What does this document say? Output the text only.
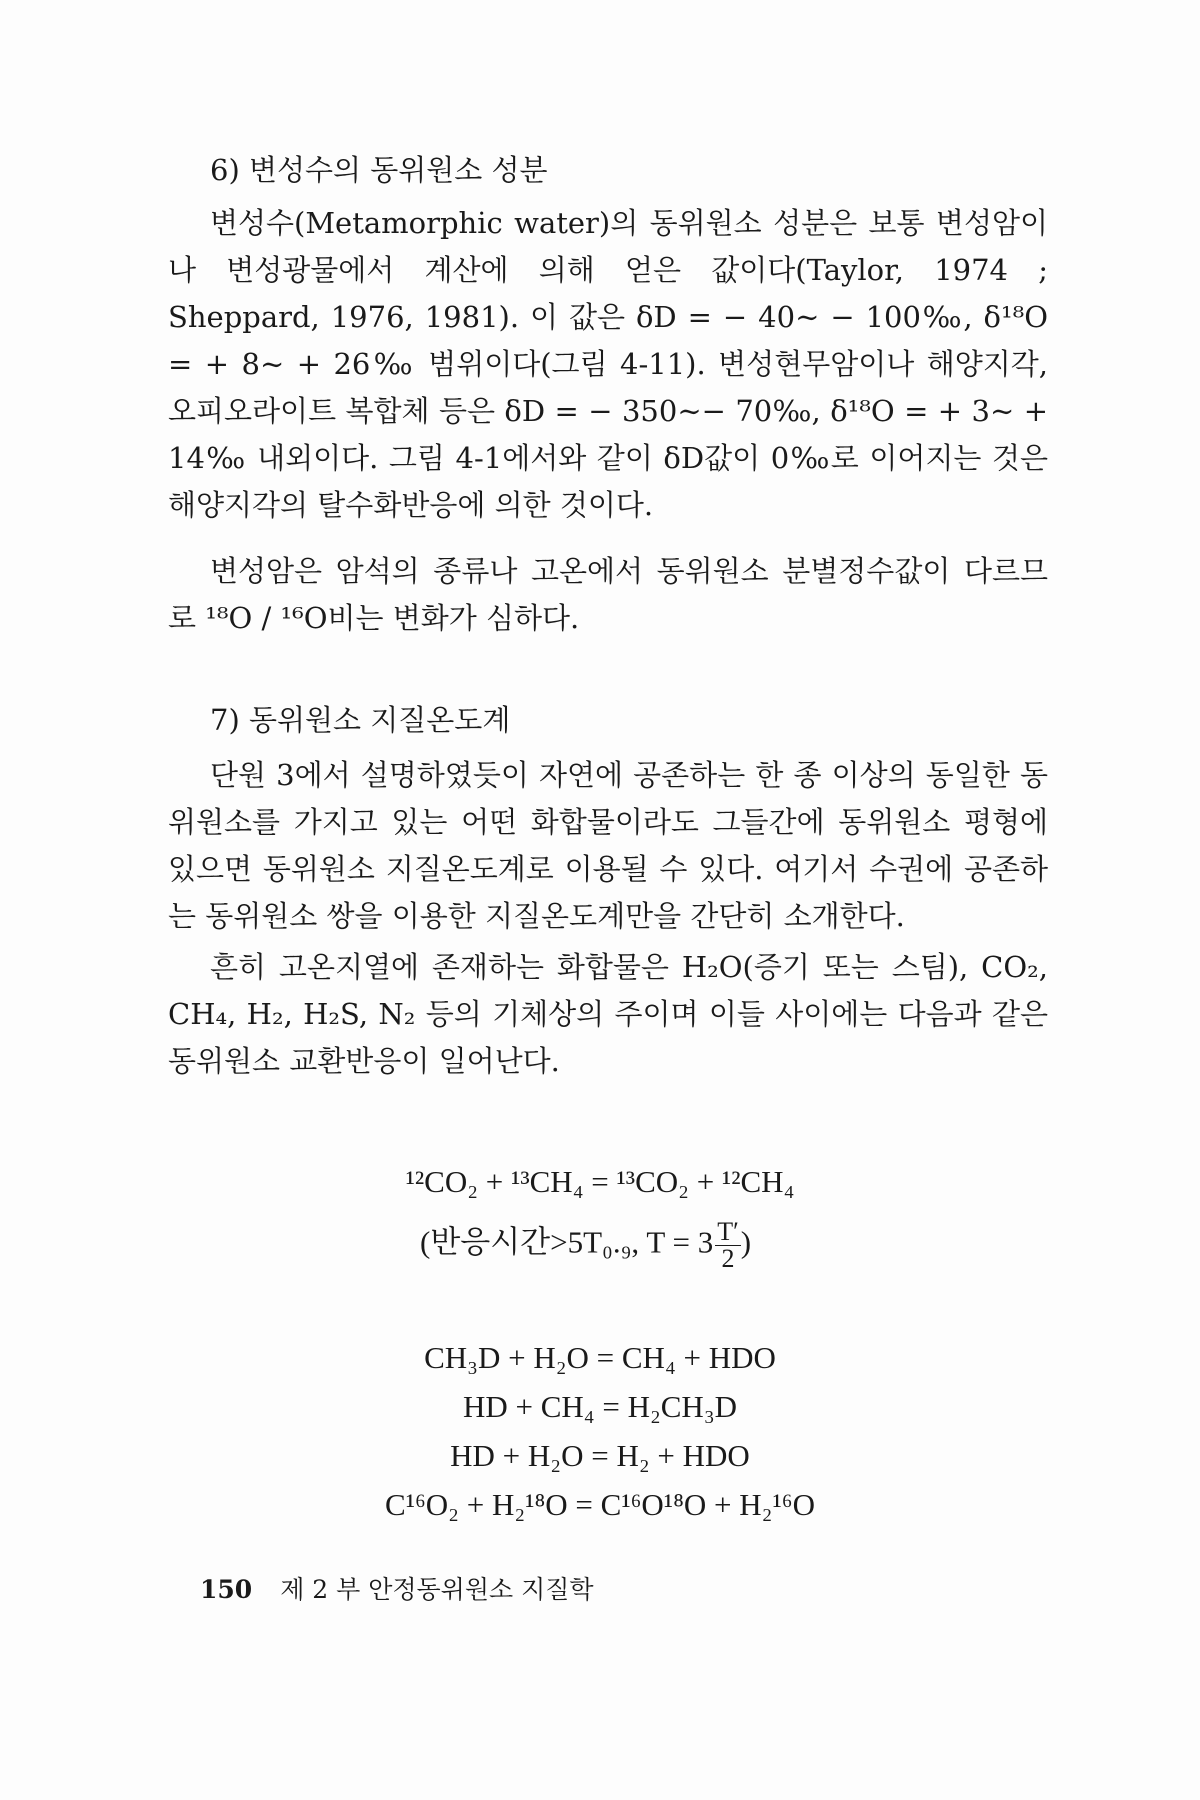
6) 변성수의 동위원소 성분
변성수(Metamorphic water)의 동위원소 성분은 보통 변성암이나 변성광물에서 계산에 의해 얻은 값이다(Taylor, 1974 ; Sheppard, 1976, 1981). 이 값은 δD = − 40∼ − 100‰, δ¹⁸O = + 8∼ + 26‰ 범위이다(그림 4-11). 변성현무암이나 해양지각, 오피오라이트 복합체 등은 δD = − 350∼− 70‰, δ¹⁸O = + 3∼ + 14‰ 내외이다. 그림 4-1에서와 같이 δD값이 0‰로 이어지는 것은 해양지각의 탈수화반응에 의한 것이다.
변성암은 암석의 종류나 고온에서 동위원소 분별정수값이 다르므로 ¹⁸O / ¹⁶O비는 변화가 심하다.
7) 동위원소 지질온도계
단원 3에서 설명하였듯이 자연에 공존하는 한 종 이상의 동일한 동위원소를 가지고 있는 어떤 화합물이라도 그들간에 동위원소 평형에 있으면 동위원소 지질온도계로 이용될 수 있다. 여기서 수권에 공존하는 동위원소 쌍을 이용한 지질온도계만을 간단히 소개한다.
흔히 고온지열에 존재하는 화합물은 H₂O(증기 또는 스팀), CO₂, CH₄, H₂, H₂S, N₂ 등의 기체상의 주이며 이들 사이에는 다음과 같은 동위원소 교환반응이 일어난다.
¹²CO₂ + ¹³CH₄ = ¹³CO₂ + ¹²CH₄
(반응시간>5T₀.₉, $T = 3 \frac{T'}{2}$ )
CH₃D + H₂O = CH₄ + HDO
HD + CH₄ = H₂CH₃D
HD + H₂O = H₂ + HDO
C¹⁶O₂ + H₂¹⁸O = C¹⁶O¹⁸O + H₂¹⁶O
150 제 2 부 안정동위원소 지질학
